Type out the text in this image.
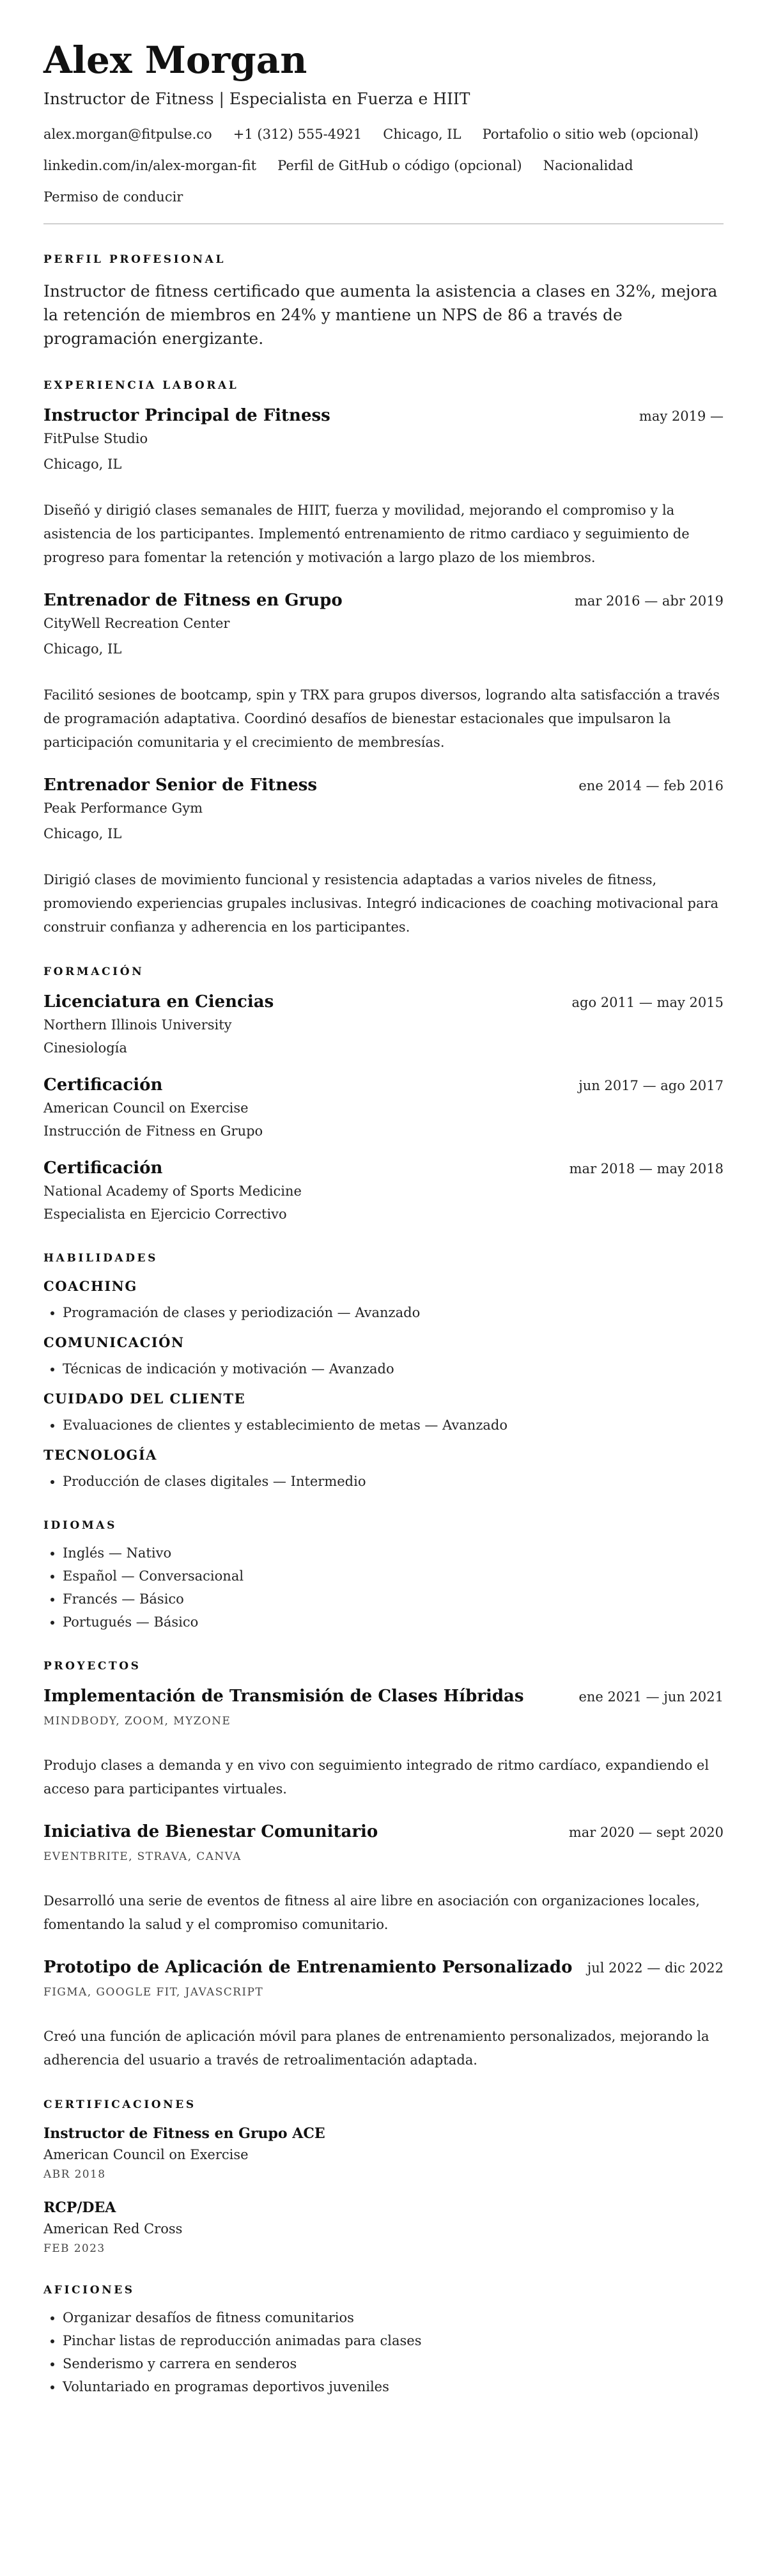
Alex Morgan
Instructor de Fitness | Especialista en Fuerza e HIIT
alex.morgan@fitpulse.co +1 (312) 555-4921 Chicago, IL Portafolio o sitio web (opcional) linkedin.com/in/alex-morgan-fit Perfil de GitHub o código (opcional) Nacionalidad Permiso de conducir
PERFIL PROFESIONAL

Instructor de fitness certificado que aumenta la asistencia a clases en 32%, mejora la retención de miembros en 24% y mantiene un NPS de 86 a través de programación energizante.

EXPERIENCIA LABORAL
Instructor Principal de Fitness	may 2019 —
FitPulse Studio
Chicago, IL

Diseñó y dirigió clases semanales de HIIT, fuerza y movilidad, mejorando el compromiso y la asistencia de los participantes. Implementó entrenamiento de ritmo cardiaco y seguimiento de progreso para fomentar la retención y motivación a largo plazo de los miembros.

Entrenador de Fitness en Grupo	mar 2016 — abr 2019
CityWell Recreation Center
Chicago, IL

Facilitó sesiones de bootcamp, spin y TRX para grupos diversos, logrando alta satisfacción a través de programación adaptativa. Coordinó desafíos de bienestar estacionales que impulsaron la participación comunitaria y el crecimiento de membresías.

Entrenador Senior de Fitness	ene 2014 — feb 2016
Peak Performance Gym
Chicago, IL

Dirigió clases de movimiento funcional y resistencia adaptadas a varios niveles de fitness, promoviendo experiencias grupales inclusivas. Integró indicaciones de coaching motivacional para construir confianza y adherencia en los participantes.

FORMACIÓN
Licenciatura en Ciencias	ago 2011 — may 2015
Northern Illinois University
Cinesiología
Certificación	jun 2017 — ago 2017
American Council on Exercise
Instrucción de Fitness en Grupo
Certificación	mar 2018 — may 2018
National Academy of Sports Medicine
Especialista en Ejercicio Correctivo
HABILIDADES
COACHING
• Programación de clases y periodización — Avanzado
COMUNICACIÓN
• Técnicas de indicación y motivación — Avanzado
CUIDADO DEL CLIENTE
• Evaluaciones de clientes y establecimiento de metas — Avanzado
TECNOLOGÍA
• Producción de clases digitales — Intermedio
IDIOMAS
• Inglés — Nativo
• Español — Conversacional
• Francés — Básico
• Portugués — Básico
PROYECTOS
Implementación de Transmisión de Clases Híbridas	ene 2021 — jun 2021
MINDBODY, ZOOM, MYZONE

Produjo clases a demanda y en vivo con seguimiento integrado de ritmo cardíaco, expandiendo el acceso para participantes virtuales.

Iniciativa de Bienestar Comunitario	mar 2020 — sept 2020
EVENTBRITE, STRAVA, CANVA

Desarrolló una serie de eventos de fitness al aire libre en asociación con organizaciones locales, fomentando la salud y el compromiso comunitario.

Prototipo de Aplicación de Entrenamiento Personalizado jul 2022 — dic 2022
FIGMA, GOOGLE FIT, JAVASCRIPT

Creó una función de aplicación móvil para planes de entrenamiento personalizados, mejorando la adherencia del usuario a través de retroalimentación adaptada.

CERTIFICACIONES
Instructor de Fitness en Grupo ACE
American Council on Exercise
ABR 2018
RCP/DEA
American Red Cross
FEB 2023
AFICIONES
• Organizar desafíos de fitness comunitarios
• Pinchar listas de reproducción animadas para clases
• Senderismo y carrera en senderos
• Voluntariado en programas deportivos juveniles
